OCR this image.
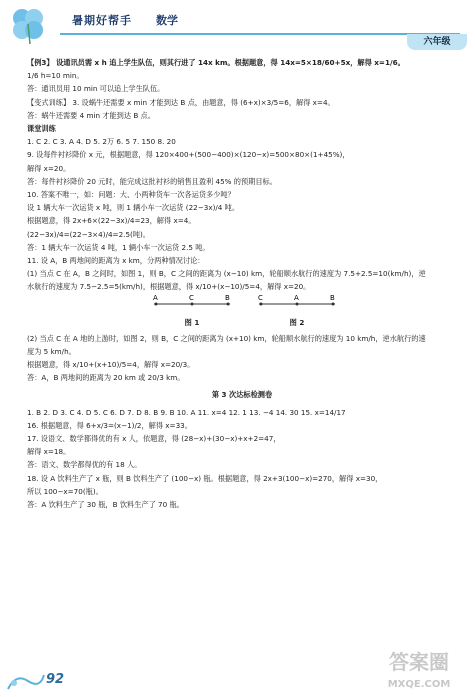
暑期好帮手 数学
六年级

【例3】 设通讯员需 x h 追上学生队伍，则其行进了 14x km。根据题意，得 14x=5×18/60+5x，解得 x=1/6。

1/6 h=10 min。

答：通讯员用 10 min 可以追上学生队伍。

【变式训练】 3. 设蜗牛还需要 x min 才能到达 B 点，由题意，得 (6+x)×3/5=6，解得 x=4。

答：蜗牛还需要 4 min 才能到达 B 点。

课堂训练

1. C 2. C 3. A 4. D 5. 2万 6. 5 7. 150 8. 20

9. 设每件衬衫降价 x 元，根据题意，得 120×400+(500−400)×(120−x)=500×80×(1+45%)，

解得 x=20。

答：每件衬衫降价 20 元时，能完成这批衬衫的销售且盈利 45% 的预期目标。

10. 答案不唯一，如：问题：大、小两种货车一次各运货多少吨？

设 1 辆大车一次运货 x 吨，则 1 辆小车一次运货 (22−3x)/4 吨。

根据题意，得 2x+6×(22−3x)/4=23，解得 x=4。

(22−3x)/4=(22−3×4)/4=2.5(吨)。

答：1 辆大车一次运货 4 吨，1 辆小车一次运货 2.5 吨。

11. 设 A，B 两地间的距离为 x km，分两种情况讨论：

(1) 当点 C 在 A，B 之间时，如图 1，则 B，C 之间的距离为 (x−10) km，轮船顺水航行的速度为 7.5+2.5=10(km/h)，逆

水航行的速度为 7.5−2.5=5(km/h)，根据题意，得 x/10+(x−10)/5=4，解得 x=20。

A	C	B
图 1
C	A	B
图 2

(2) 当点 C 在 A 地的上游时，如图 2，则 B，C 之间的距离为 (x+10) km，轮船顺水航行的速度为 10 km/h，逆水航行的速

度为 5 km/h。

根据题意，得 x/10+(x+10)/5=4，解得 x=20/3。

答：A，B 两地间的距离为 20 km 或 20/3 km。

第 3 次达标检测卷

1. B 2. D 3. C 4. D 5. C 6. D 7. D 8. B 9. B 10. A 11. x=4 12. 1 13. −4 14. 30 15. x=14/17

16. 根据题意，得 6+x/3=(x−1)/2，解得 x=33。

17. 设语文、数学都得优的有 x 人，依题意，得 (28−x)+(30−x)+x+2=47，

解得 x=18。

答：语文、数学都得优的有 18 人。

18. 设 A 饮料生产了 x 瓶，则 B 饮料生产了 (100−x) 瓶。根据题意，得 2x+3(100−x)=270，解得 x=30，

所以 100−x=70(瓶)。

答：A 饮料生产了 30 瓶，B 饮料生产了 70 瓶。

92
答案圈
MXQE.COM
